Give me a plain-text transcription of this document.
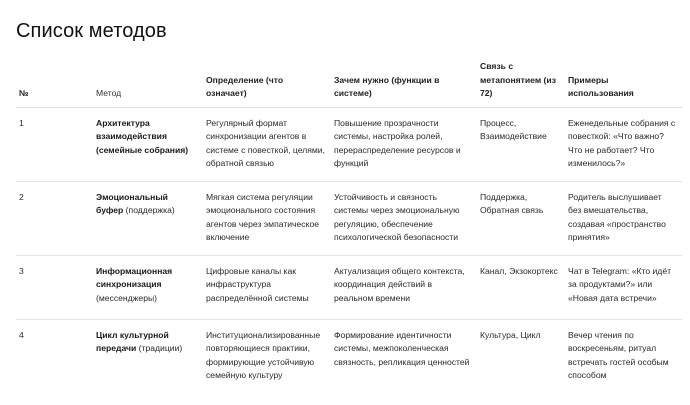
Список методов
№	Метод	Определение (что означает)	Зачем нужно (функции в системе)	Связь с метапонятием (из 72)	Примеры использования
1	Архитектура взаимодействия (семейные собрания)	Регулярный формат синхронизации агентов в системе с повесткой, целями, обратной связью	Повышение прозрачности системы, настройка ролей, перераспределение ресурсов и функций	Процесс, Взаимодействие	Еженедельные собрания с повесткой: «Что важно? Что не работает? Что изменилось?»
2	Эмоциональный буфер (поддержка)	Мягкая система регуляции эмоционального состояния агентов через эмпатическое включение	Устойчивость и связность системы через эмоциональную регуляцию, обеспечение психологической безопасности	Поддержка, Обратная связь	Родитель выслушивает без вмешательства, создавая «пространство принятия»
3	Информационная синхронизация (мессенджеры)	Цифровые каналы как инфраструктура распределённой системы	Актуализация общего контекста, координация действий в реальном времени	Канал, Экзокортекс	Чат в Telegram: «Кто идёт за продуктами?» или «Новая дата встречи»
4	Цикл культурной передачи (традиции)	Институционализированные повторяющиеся практики, формирующие устойчивую семейную культуру	Формирование идентичности системы, межпоколенческая связность, репликация ценностей	Культура, Цикл	Вечер чтения по воскресеньям, ритуал встречать гостей особым способом
